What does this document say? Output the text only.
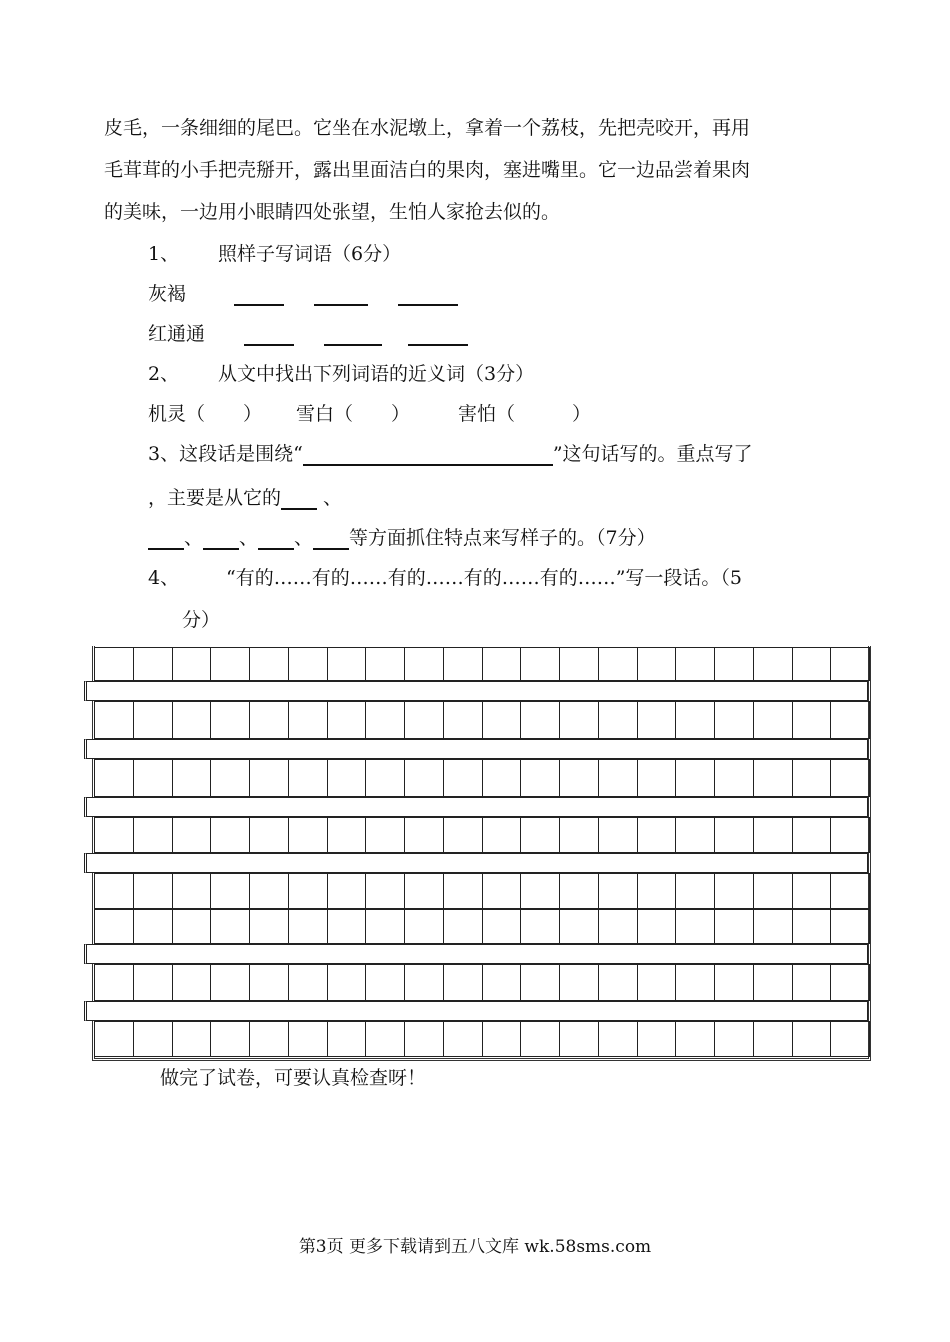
皮毛，一条细细的尾巴。它坐在水泥墩上，拿着一个荔枝，先把壳咬开，再用
毛茸茸的小手把壳掰开，露出里面洁白的果肉，塞进嘴里。它一边品尝着果肉
的美味，一边用小眼睛四处张望，生怕人家抢去似的。
1、 照样子写词语（6分）
灰褐

红通通

2、 从文中找出下列词语的近义词（3分）
机灵（　　） 雪白（　　）	害怕（　　　）
3、这段话是围绕“	”这句话写的。重点写了
，主要是从它的 、
、 、 、 等方面抓住特点来写样子的。（7分）
4、 “有的……有的……有的……有的……有的……”写一段话。（5
分）
做完了试卷，可要认真检查呀！
第3页 更多下载请到五八文库 wk.58sms.com
